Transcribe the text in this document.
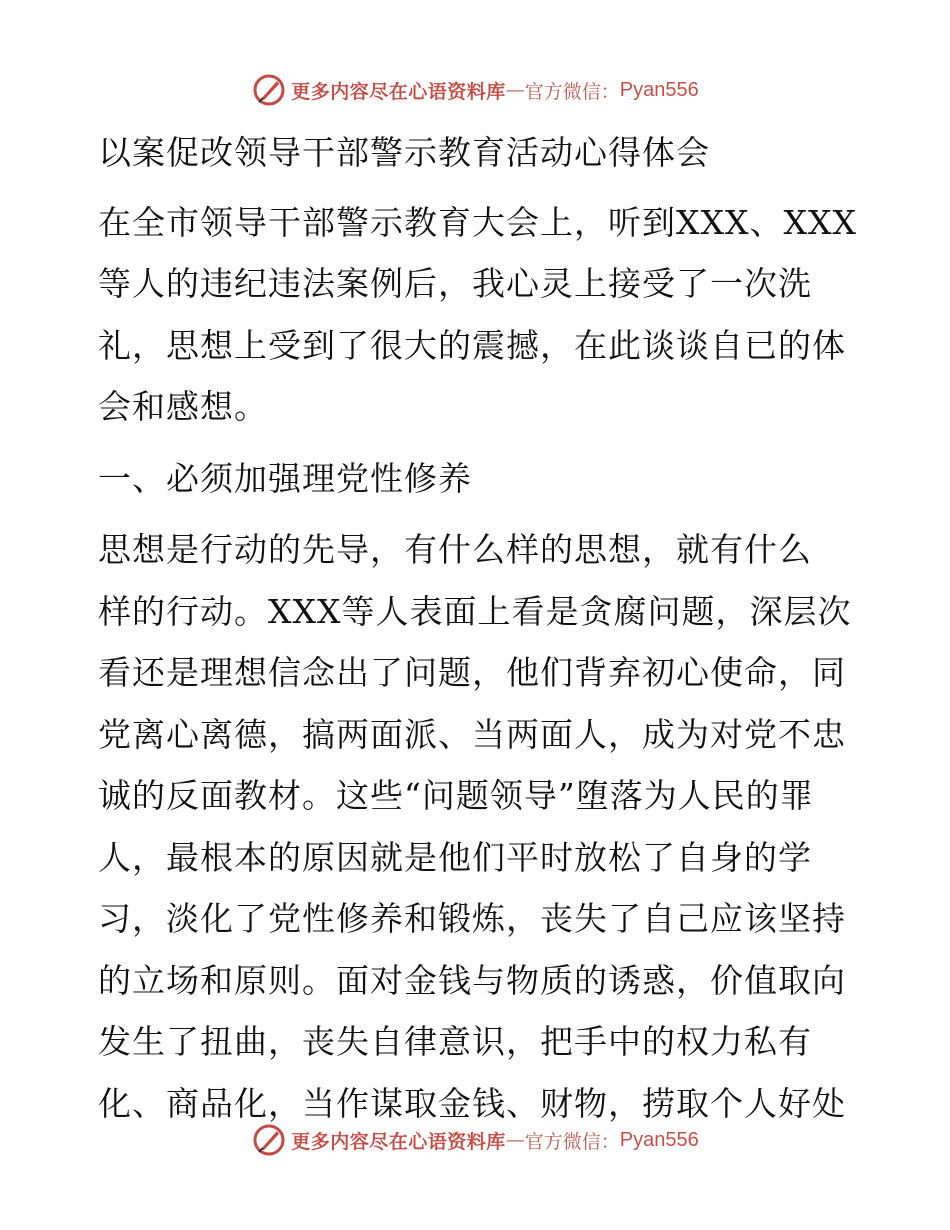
更多内容尽在心语资料库 — 官方微信： Pyan556
以案促改领导干部警示教育活动心得体会
在全市领导干部警示教育大会上，听到XXX、XXX
等人的违纪违法案例后，我心灵上接受了一次洗
礼，思想上受到了很大的震撼，在此谈谈自已的体
会和感想。
一、必须加强理党性修养
思想是行动的先导，有什么样的思想，就有什么
样的行动。XXX等人表面上看是贪腐问题，深层次
看还是理想信念出了问题，他们背弃初心使命，同
党离心离德，搞两面派、当两面人，成为对党不忠
诚的反面教材。这些“问题领导”堕落为人民的罪
人，最根本的原因就是他们平时放松了自身的学
习，淡化了党性修养和锻炼，丧失了自己应该坚持
的立场和原则。面对金钱与物质的诱惑，价值取向
发生了扭曲，丧失自律意识，把手中的权力私有
化、商品化，当作谋取金钱、财物，捞取个人好处
更多内容尽在心语资料库 — 官方微信： Pyan556
